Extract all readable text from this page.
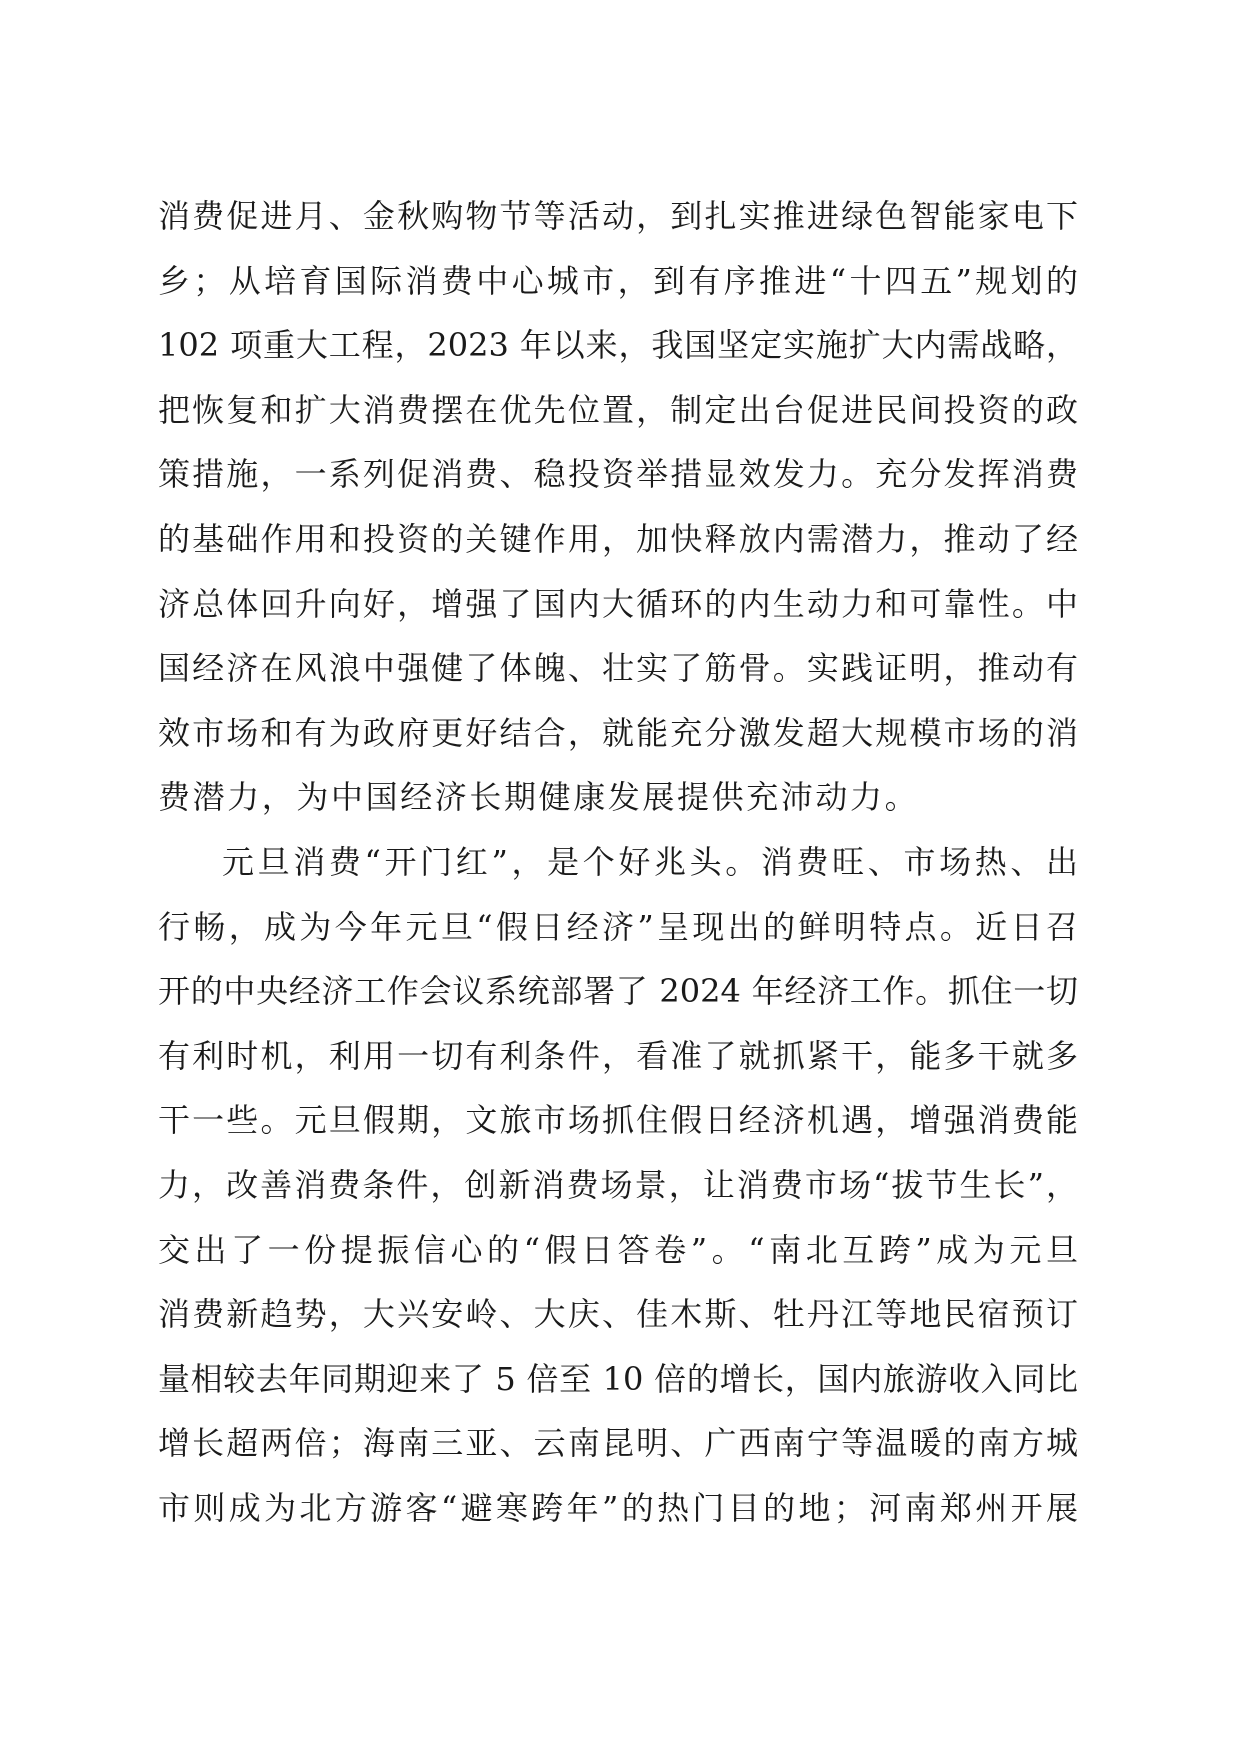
消费促进月、金秋购物节等活动，到扎实推进绿色智能家电下
乡；从培育国际消费中心城市，到有序推进“十四五”规划的
102 项重大工程，2023 年以来，我国坚定实施扩大内需战略，
把恢复和扩大消费摆在优先位置，制定出台促进民间投资的政
策措施，一系列促消费、稳投资举措显效发力。充分发挥消费
的基础作用和投资的关键作用，加快释放内需潜力，推动了经
济总体回升向好，增强了国内大循环的内生动力和可靠性。中
国经济在风浪中强健了体魄、壮实了筋骨。实践证明，推动有
效市场和有为政府更好结合，就能充分激发超大规模市场的消
费潜力，为中国经济长期健康发展提供充沛动力。
元旦消费“开门红”，是个好兆头。消费旺、市场热、出
行畅，成为今年元旦“假日经济”呈现出的鲜明特点。近日召
开的中央经济工作会议系统部署了 2024 年经济工作。抓住一切
有利时机，利用一切有利条件，看准了就抓紧干，能多干就多
干一些。元旦假期，文旅市场抓住假日经济机遇，增强消费能
力，改善消费条件，创新消费场景，让消费市场“拔节生长”，
交出了一份提振信心的“假日答卷”。“南北互跨”成为元旦
消费新趋势，大兴安岭、大庆、佳木斯、牡丹江等地民宿预订
量相较去年同期迎来了 5 倍至 10 倍的增长，国内旅游收入同比
增长超两倍；海南三亚、云南昆明、广西南宁等温暖的南方城
市则成为北方游客“避寒跨年”的热门目的地；河南郑州开展
